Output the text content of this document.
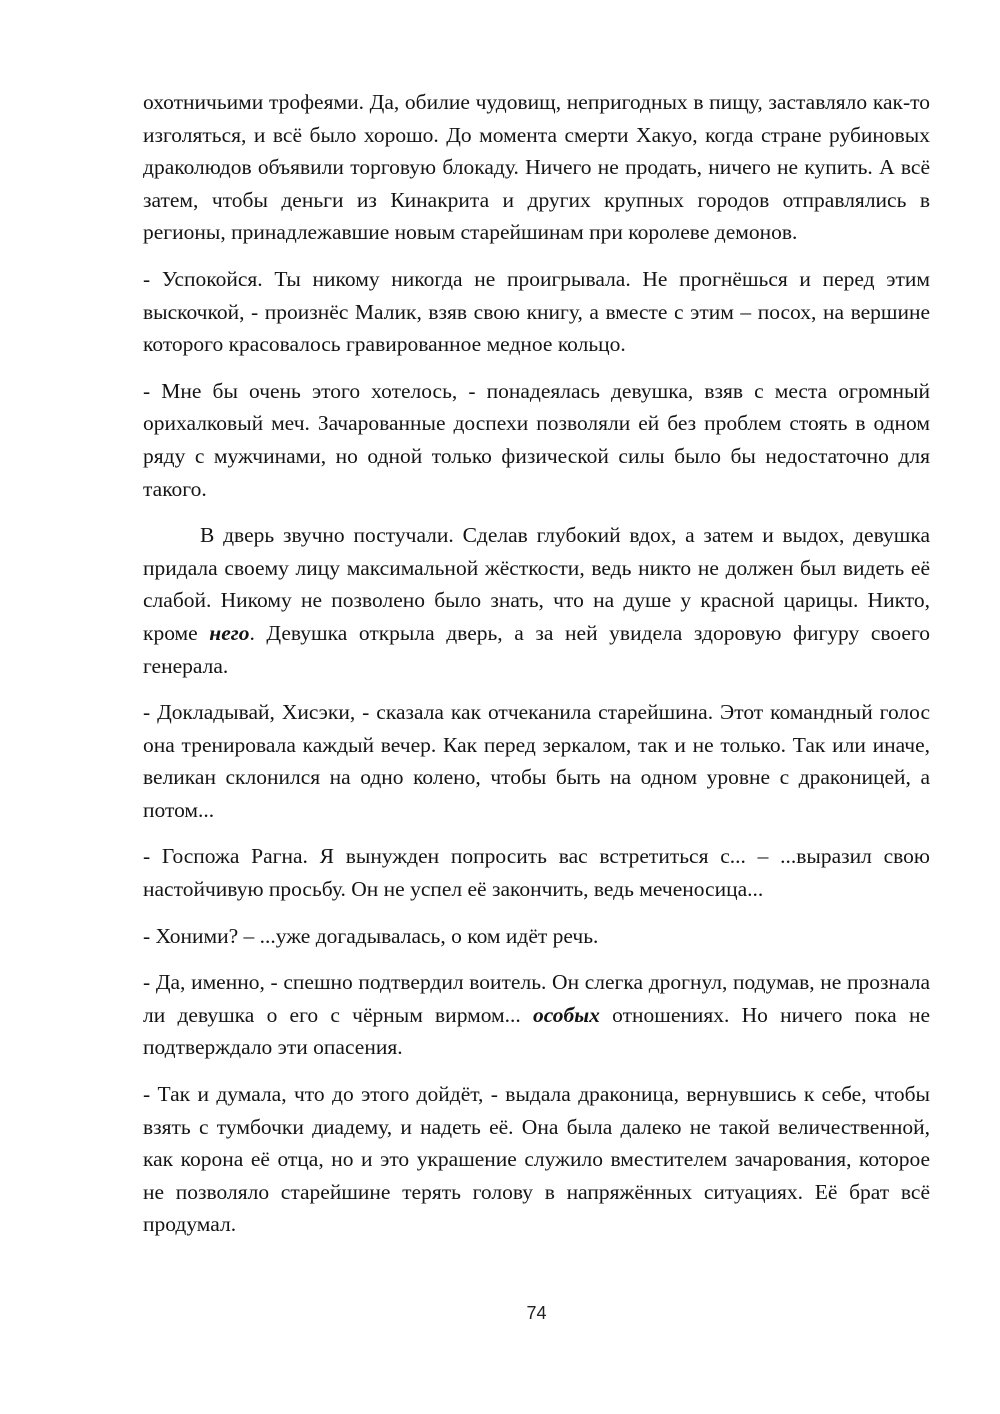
охотничьими трофеями. Да, обилие чудовищ, непригодных в пищу, заставляло как-то изголяться, и всё было хорошо. До момента смерти Хакуо, когда стране рубиновых драколюдов объявили торговую блокаду. Ничего не продать, ничего не купить. А всё затем, чтобы деньги из Кинакрита и других крупных городов отправлялись в регионы, принадлежавшие новым старейшинам при королеве демонов.

- Успокойся. Ты никому никогда не проигрывала. Не прогнёшься и перед этим выскочкой, - произнёс Малик, взяв свою книгу, а вместе с этим – посох, на вершине которого красовалось гравированное медное кольцо.

- Мне бы очень этого хотелось, - понадеялась девушка, взяв с места огромный орихалковый меч. Зачарованные доспехи позволяли ей без проблем стоять в одном ряду с мужчинами, но одной только физической силы было бы недостаточно для такого.

В дверь звучно постучали. Сделав глубокий вдох, а затем и выдох, девушка придала своему лицу максимальной жёсткости, ведь никто не должен был видеть её слабой. Никому не позволено было знать, что на душе у красной царицы. Никто, кроме него. Девушка открыла дверь, а за ней увидела здоровую фигуру своего генерала.

- Докладывай, Хисэки, - сказала как отчеканила старейшина. Этот командный голос она тренировала каждый вечер. Как перед зеркалом, так и не только. Так или иначе, великан склонился на одно колено, чтобы быть на одном уровне с драконицей, а потом...

- Госпожа Рагна. Я вынужден попросить вас встретиться с... – ...выразил свою настойчивую просьбу. Он не успел её закончить, ведь меченосица...

- Хоними? – ...уже догадывалась, о ком идёт речь.

- Да, именно, - спешно подтвердил воитель. Он слегка дрогнул, подумав, не прознала ли девушка о его с чёрным вирмом... особых отношениях. Но ничего пока не подтверждало эти опасения.

- Так и думала, что до этого дойдёт, - выдала драконица, вернувшись к себе, чтобы взять с тумбочки диадему, и надеть её. Она была далеко не такой величественной, как корона её отца, но и это украшение служило вместителем зачарования, которое не позволяло старейшине терять голову в напряжённых ситуациях. Её брат всё продумал.

74
